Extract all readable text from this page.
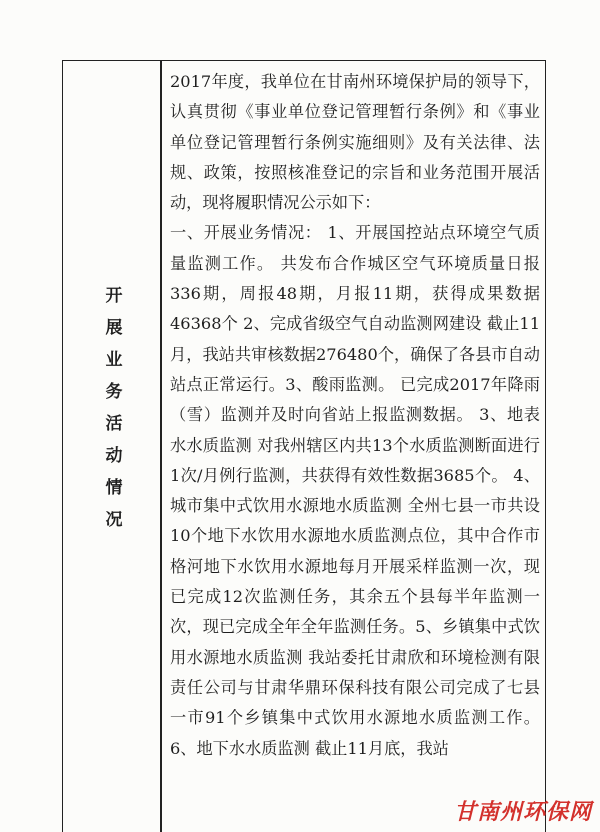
开展业务活动情况

2017年度，我单位在甘南州环境保护局的领导下，认真贯彻《事业单位登记管理暂行条例》和《事业单位登记管理暂行条例实施细则》及有关法律、法规、政策，按照核准登记的宗旨和业务范围开展活动，现将履职情况公示如下：

一、开展业务情况： 1、开展国控站点环境空气质量监测工作。 共发布合作城区空气环境质量日报336期，周报48期，月报11期，获得成果数据46368个 2、完成省级空气自动监测网建设 截止11月，我站共审核数据276480个，确保了各县市自动站点正常运行。3、酸雨监测。 已完成2017年降雨（雪）监测并及时向省站上报监测数据。 3、地表水水质监测 对我州辖区内共13个水质监测断面进行1次/月例行监测，共获得有效性数据3685个。 4、城市集中式饮用水源地水质监测 全州七县一市共设10个地下水饮用水源地水质监测点位，其中合作市格河地下水饮用水源地每月开展采样监测一次，现已完成12次监测任务，其余五个县每半年监测一次，现已完成全年全年监测任务。5、乡镇集中式饮用水源地水质监测 我站委托甘肃欣和环境检测有限责任公司与甘肃华鼎环保科技有限公司完成了七县一市91个乡镇集中式饮用水源地水质监测工作。 6、地下水水质监测 截止11月底，我站

甘南州环保网
